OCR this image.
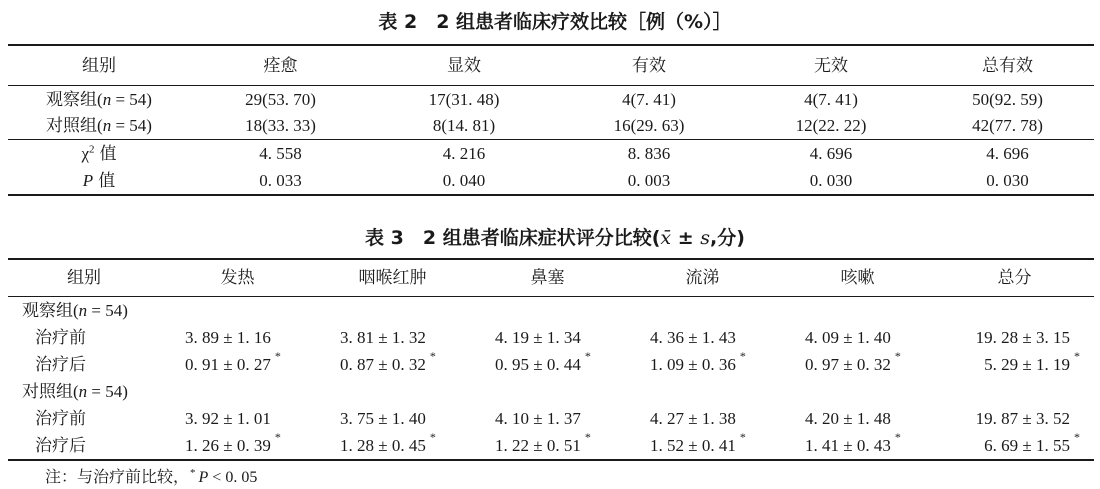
表 2　2 组患者临床疗效比较［例（%）］
组别	痊愈	显效	有效	无效	总有效
观察组(n = 54)	29(53. 70)	17(31. 48)	4(7. 41)	4(7. 41)	50(92. 59)
对照组(n = 54)	18(33. 33)	8(14. 81)	16(29. 63)	12(22. 22)	42(77. 78)
$\chi^2$ 值	4. 558	4. 216	8. 836	4. 696	4. 696
P 值	0. 033	0. 040	0. 003	0. 030	0. 030
表 3　2 组患者临床症状评分比较(x̄ ± s,分)
组别	发热	咽喉红肿	鼻塞	流涕	咳嗽	总分
观察组(n = 54)						
治疗前	3. 89 ± 1. 16	3. 81 ± 1. 32	4. 19 ± 1. 34	4. 36 ± 1. 43	4. 09 ± 1. 40	19. 28 ± 3. 15
治疗后	0. 91 ± 0. 27 *	0. 87 ± 0. 32 *	0. 95 ± 0. 44 *	1. 09 ± 0. 36 *	0. 97 ± 0. 32 *	5. 29 ± 1. 19 *

对照组(n = 54)						
治疗前	3. 92 ± 1. 01	3. 75 ± 1. 40	4. 10 ± 1. 37	4. 27 ± 1. 38	4. 20 ± 1. 48	19. 87 ± 3. 52
治疗后	1. 26 ± 0. 39 *	1. 28 ± 0. 45 *	1. 22 ± 0. 51 *	1. 52 ± 0. 41 *	1. 41 ± 0. 43 *	6. 69 ± 1. 55 *
注：与治疗前比较，* P < 0. 05
